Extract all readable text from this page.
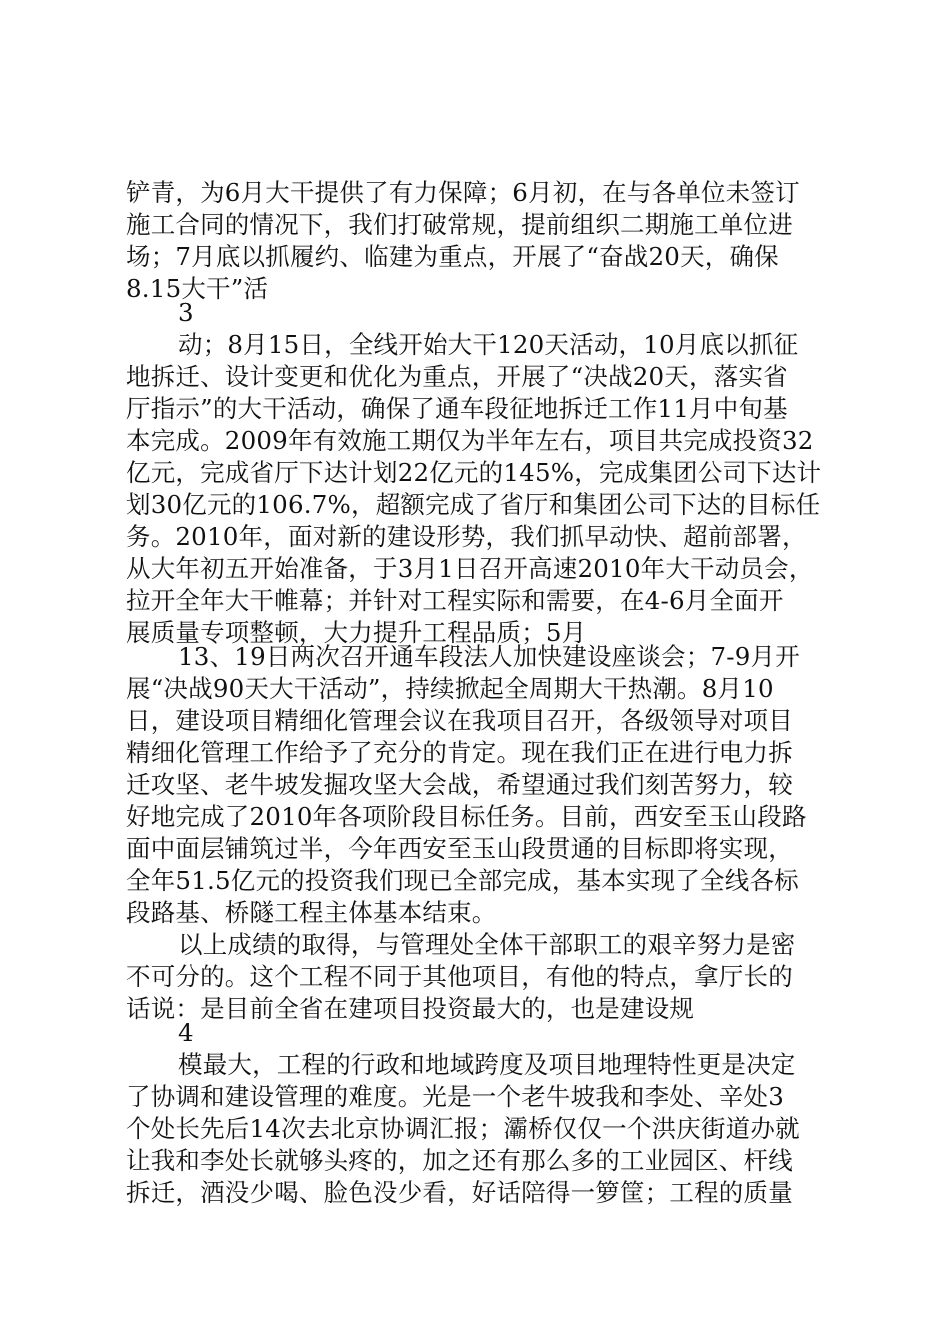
铲青，为6月大干提供了有力保障；6月初，在与各单位未签订
施工合同的情况下，我们打破常规，提前组织二期施工单位进
场；7月底以抓履约、临建为重点，开展了“奋战20天，确保
8.15大干”活
3
动；8月15日，全线开始大干120天活动，10月底以抓征
地拆迁、设计变更和优化为重点，开展了“决战20天，落实省
厅指示”的大干活动，确保了通车段征地拆迁工作11月中旬基
本完成。2009年有效施工期仅为半年左右，项目共完成投资32
亿元，完成省厅下达计划22亿元的145%，完成集团公司下达计
划30亿元的106.7%，超额完成了省厅和集团公司下达的目标任
务。2010年，面对新的建设形势，我们抓早动快、超前部署，
从大年初五开始准备，于3月1日召开高速2010年大干动员会，
拉开全年大干帷幕；并针对工程实际和需要，在4-6月全面开
展质量专项整顿，大力提升工程品质；5月
13、19日两次召开通车段法人加快建设座谈会；7-9月开
展“决战90天大干活动”，持续掀起全周期大干热潮。8月10
日，建设项目精细化管理会议在我项目召开，各级领导对项目
精细化管理工作给予了充分的肯定。现在我们正在进行电力拆
迁攻坚、老牛坡发掘攻坚大会战，希望通过我们刻苦努力，较
好地完成了2010年各项阶段目标任务。目前，西安至玉山段路
面中面层铺筑过半，今年西安至玉山段贯通的目标即将实现，
全年51.5亿元的投资我们现已全部完成，基本实现了全线各标
段路基、桥隧工程主体基本结束。
以上成绩的取得，与管理处全体干部职工的艰辛努力是密
不可分的。这个工程不同于其他项目，有他的特点，拿厅长的
话说：是目前全省在建项目投资最大的，也是建设规
4
模最大，工程的行政和地域跨度及项目地理特性更是决定
了协调和建设管理的难度。光是一个老牛坡我和李处、辛处3
个处长先后14次去北京协调汇报；灞桥仅仅一个洪庆街道办就
让我和李处长就够头疼的，加之还有那么多的工业园区、杆线
拆迁，酒没少喝、脸色没少看，好话陪得一箩筐；工程的质量
